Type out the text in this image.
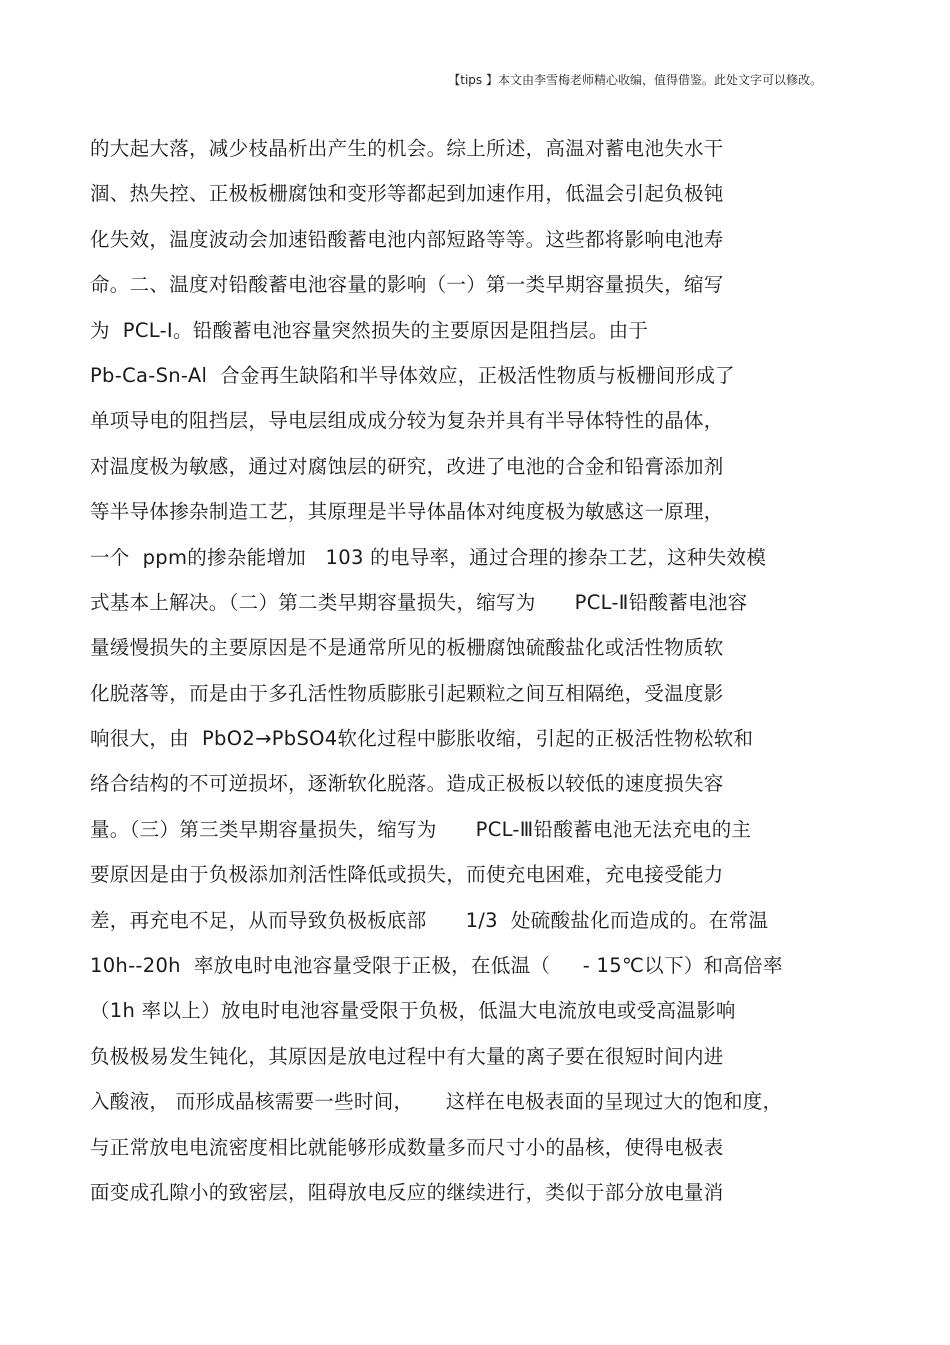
【tips 】本文由李雪梅老师精心收编，值得借鉴。此处文字可以修改。
的大起大落，减少枝晶析出产生的机会。综上所述，高温对蓄电池失水干
涸、热失控、正极板栅腐蚀和变形等都起到加速作用，低温会引起负极钝
化失效，温度波动会加速铅酸蓄电池内部短路等等。这些都将影响电池寿
命。二、温度对铅酸蓄电池容量的影响（一）第一类早期容量损失，缩写
为  PCL-Ⅰ。铅酸蓄电池容量突然损失的主要原因是阻挡层。由于
Pb-Ca-Sn-Al  合金再生缺陷和半导体效应，正极活性物质与板栅间形成了
单项导电的阻挡层，导电层组成成分较为复杂并具有半导体特性的晶体，
对温度极为敏感，通过对腐蚀层的研究，改进了电池的合金和铅膏添加剂
等半导体掺杂制造工艺，其原理是半导体晶体对纯度极为敏感这一原理，
一个  ppm的掺杂能增加   103 的电导率，通过合理的掺杂工艺，这种失效模
式基本上解决。（二）第二类早期容量损失，缩写为      PCL-Ⅱ铅酸蓄电池容
量缓慢损失的主要原因是不是通常所见的板栅腐蚀硫酸盐化或活性物质软
化脱落等，而是由于多孔活性物质膨胀引起颗粒之间互相隔绝，受温度影
响很大，由  PbO2→PbSO4软化过程中膨胀收缩，引起的正极活性物松软和
络合结构的不可逆损坏，逐渐软化脱落。造成正极板以较低的速度损失容
量。（三）第三类早期容量损失，缩写为      PCL-Ⅲ铅酸蓄电池无法充电的主
要原因是由于负极添加剂活性降低或损失，而使充电困难，充电接受能力
差，再充电不足，从而导致负极板底部      1/3  处硫酸盐化而造成的。在常温
10h--20h  率放电时电池容量受限于正极，在低温（     - 15℃以下）和高倍率
（1h 率以上）放电时电池容量受限于负极，低温大电流放电或受高温影响
负极极易发生钝化，其原因是放电过程中有大量的离子要在很短时间内进
入酸液， 而形成晶核需要一些时间，     这样在电极表面的呈现过大的饱和度，
与正常放电电流密度相比就能够形成数量多而尺寸小的晶核，使得电极表
面变成孔隙小的致密层，阻碍放电反应的继续进行，类似于部分放电量消
